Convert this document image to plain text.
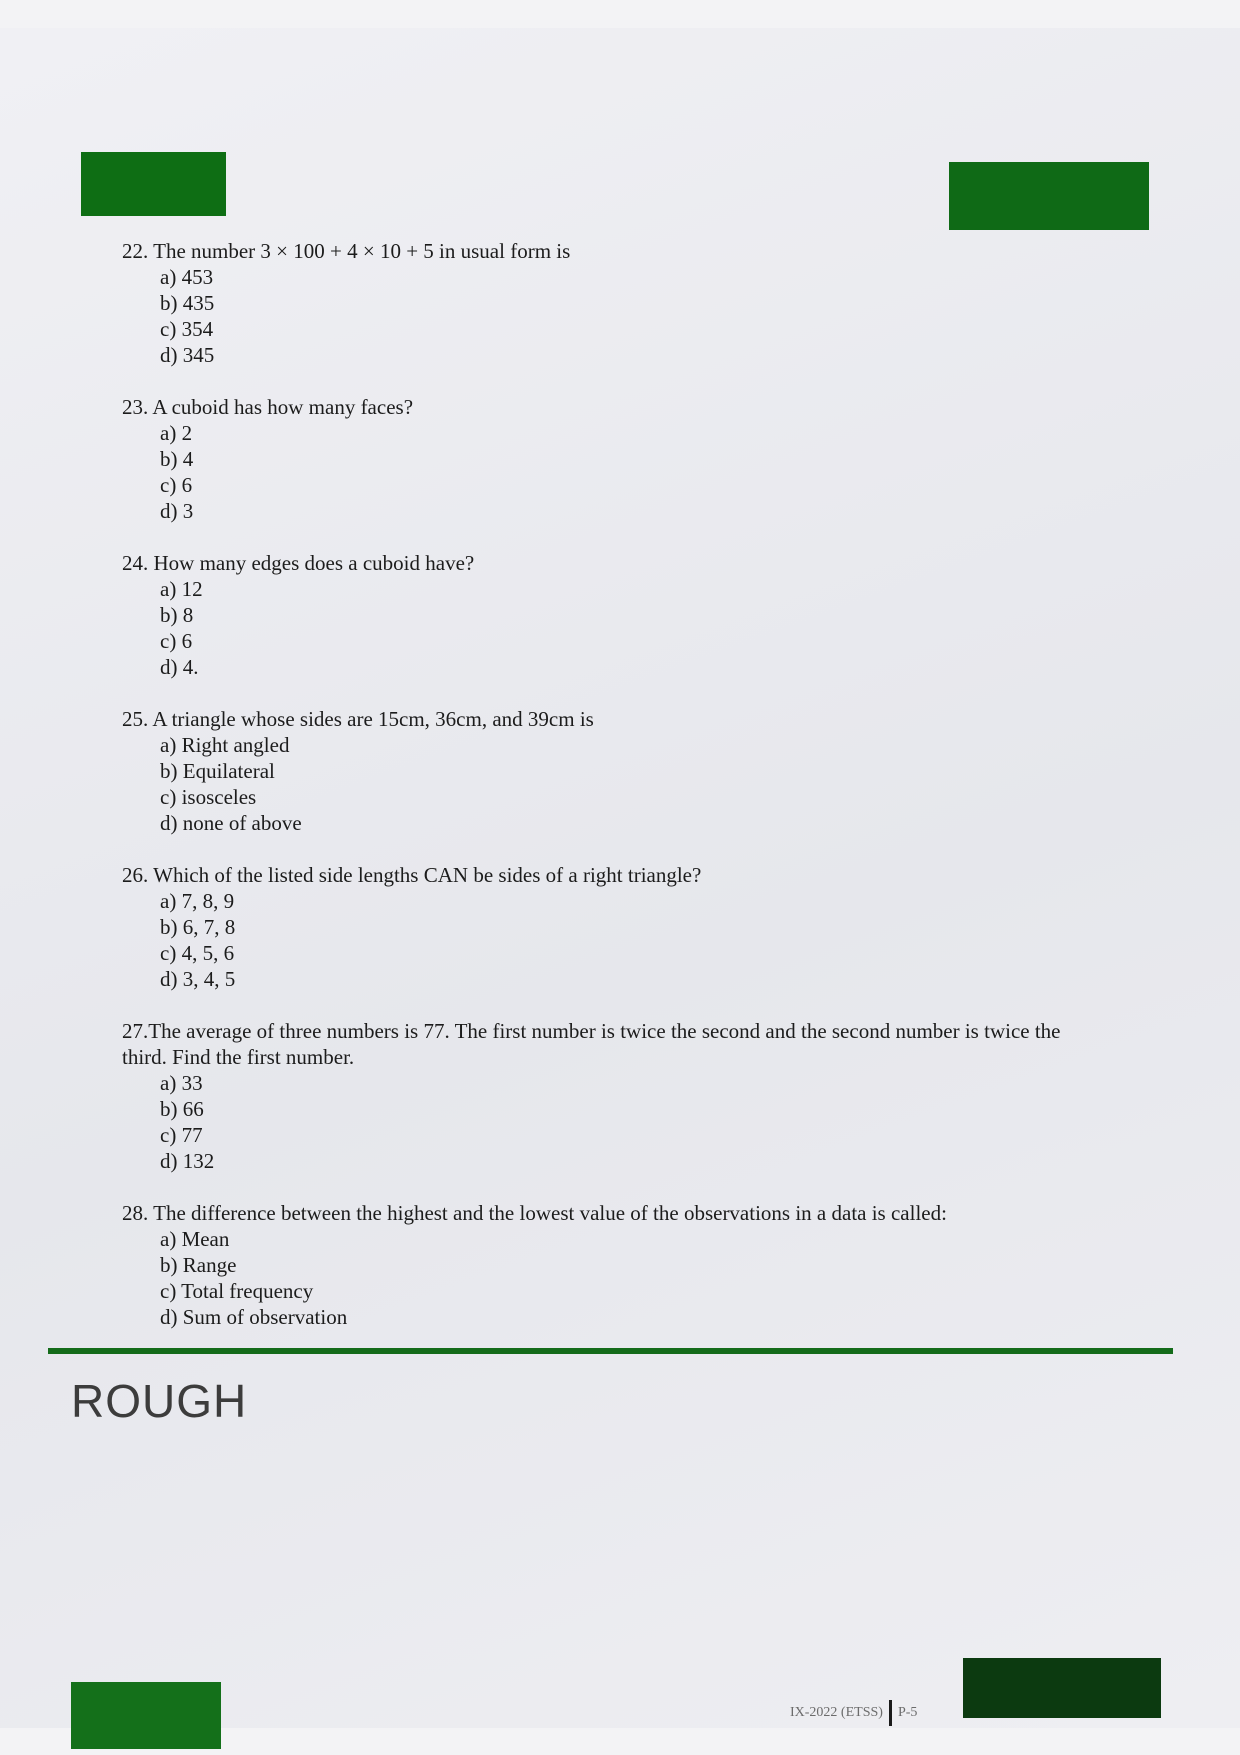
22. The number 3 × 100 + 4 × 10 + 5 in usual form is
a) 453
b) 435
c) 354
d) 345
23. A cuboid has how many faces?
a) 2
b) 4
c) 6
d) 3
24. How many edges does a cuboid have?
a) 12
b) 8
c) 6
d) 4.
25. A triangle whose sides are 15cm, 36cm, and 39cm is
a) Right angled
b) Equilateral
c) isosceles
d) none of above
26. Which of the listed side lengths CAN be sides of a right triangle?
a) 7, 8, 9
b) 6, 7, 8
c) 4, 5, 6
d) 3, 4, 5
27.The average of three numbers is 77. The first number is twice the second and the second number is twice the third. Find the first number.
a) 33
b) 66
c) 77
d) 132
28. The difference between the highest and the lowest value of the observations in a data is called:
a) Mean
b) Range
c) Total frequency
d) Sum of observation
ROUGH
IX-2022 (ETSS) P-5
